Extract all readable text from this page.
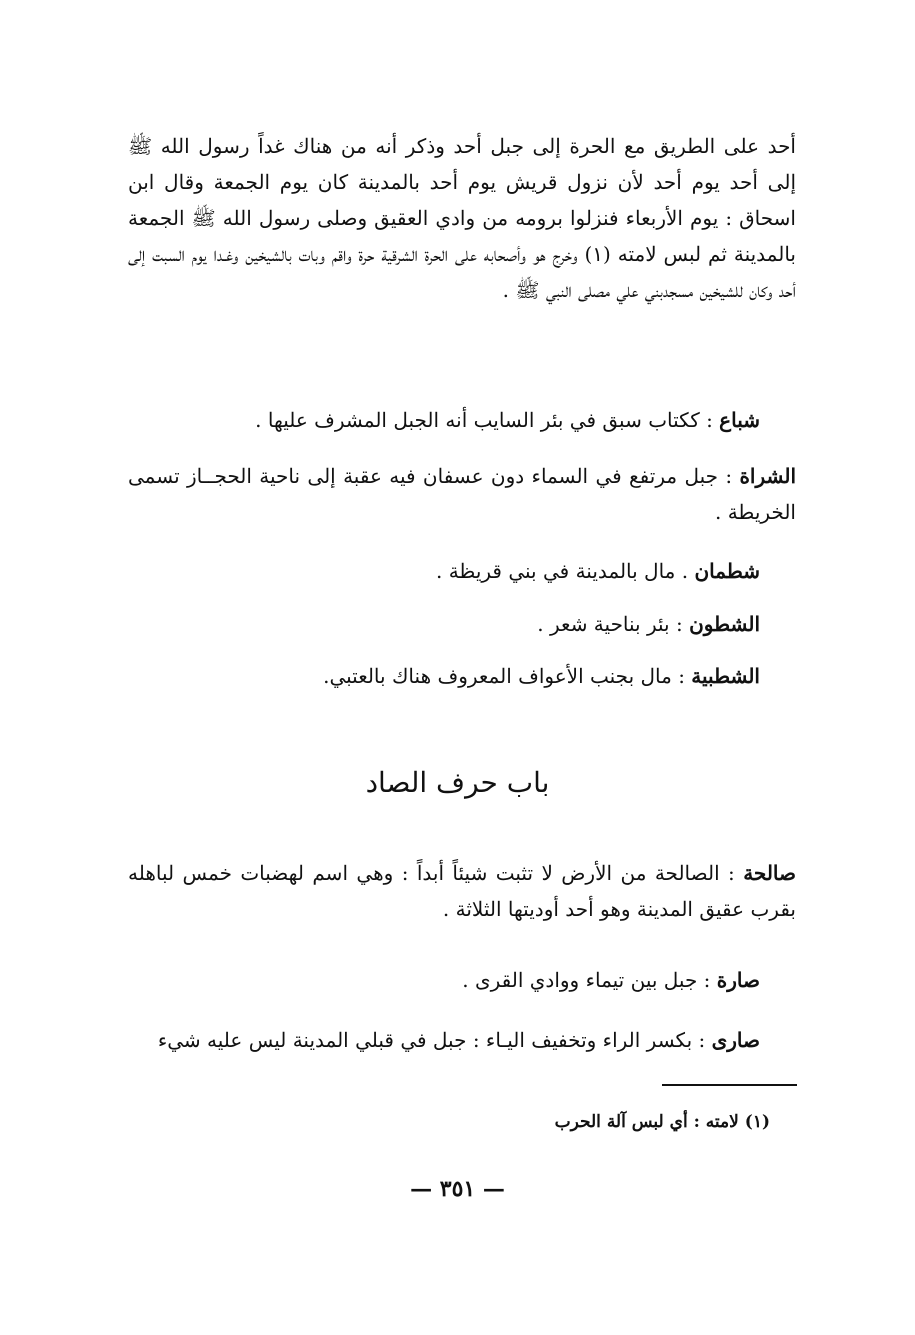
أحد على الطريق مع الحرة إلى جبل أحد وذكر أنه من هناك غداً رسول الله ﷺ إلى أحد يوم أحد لأن نزول قريش يوم أحد بالمدينة كان يوم الجمعة وقال ابن اسحاق : يوم الأربعاء فنزلوا برومه من وادي العقيق وصلى رسول الله ﷺ الجمعة بالمدينة ثم لبس لامته (١) وخرج هو وأصحابه على الحرة الشرقية حرة واقم وبات بالشيخين وغـدا يوم السبت إلى أحد وكان للشيخين مسجدبني علي مصلى النبي ﷺ .

شباع : ككتاب سبق في بئر السايب أنه الجبل المشرف عليها .

الشراة : جبل مرتفع في السماء دون عسفان فيه عقبة إلى ناحية الحجــاز تسمى الخريطة .

شطمان . مال بالمدينة في بني قريظة .

الشطون : بئر بناحية شعر .

الشطبية : مال بجنب الأعواف المعروف هناك بالعتبي.

باب حرف الصاد

صالحة : الصالحة من الأرض لا تثبت شيئاً أبداً : وهي اسم لهضبات خمس لباهله بقرب عقيق المدينة وهو أحد أوديتها الثلاثة .

صارة : جبل بين تيماء ووادي القرى .

صارى : بكسر الراء وتخفيف اليـاء : جبل في قبلي المدينة ليس عليه شيء

(١) لامته : أي لبس آلة الحرب
— ٣٥١ —
